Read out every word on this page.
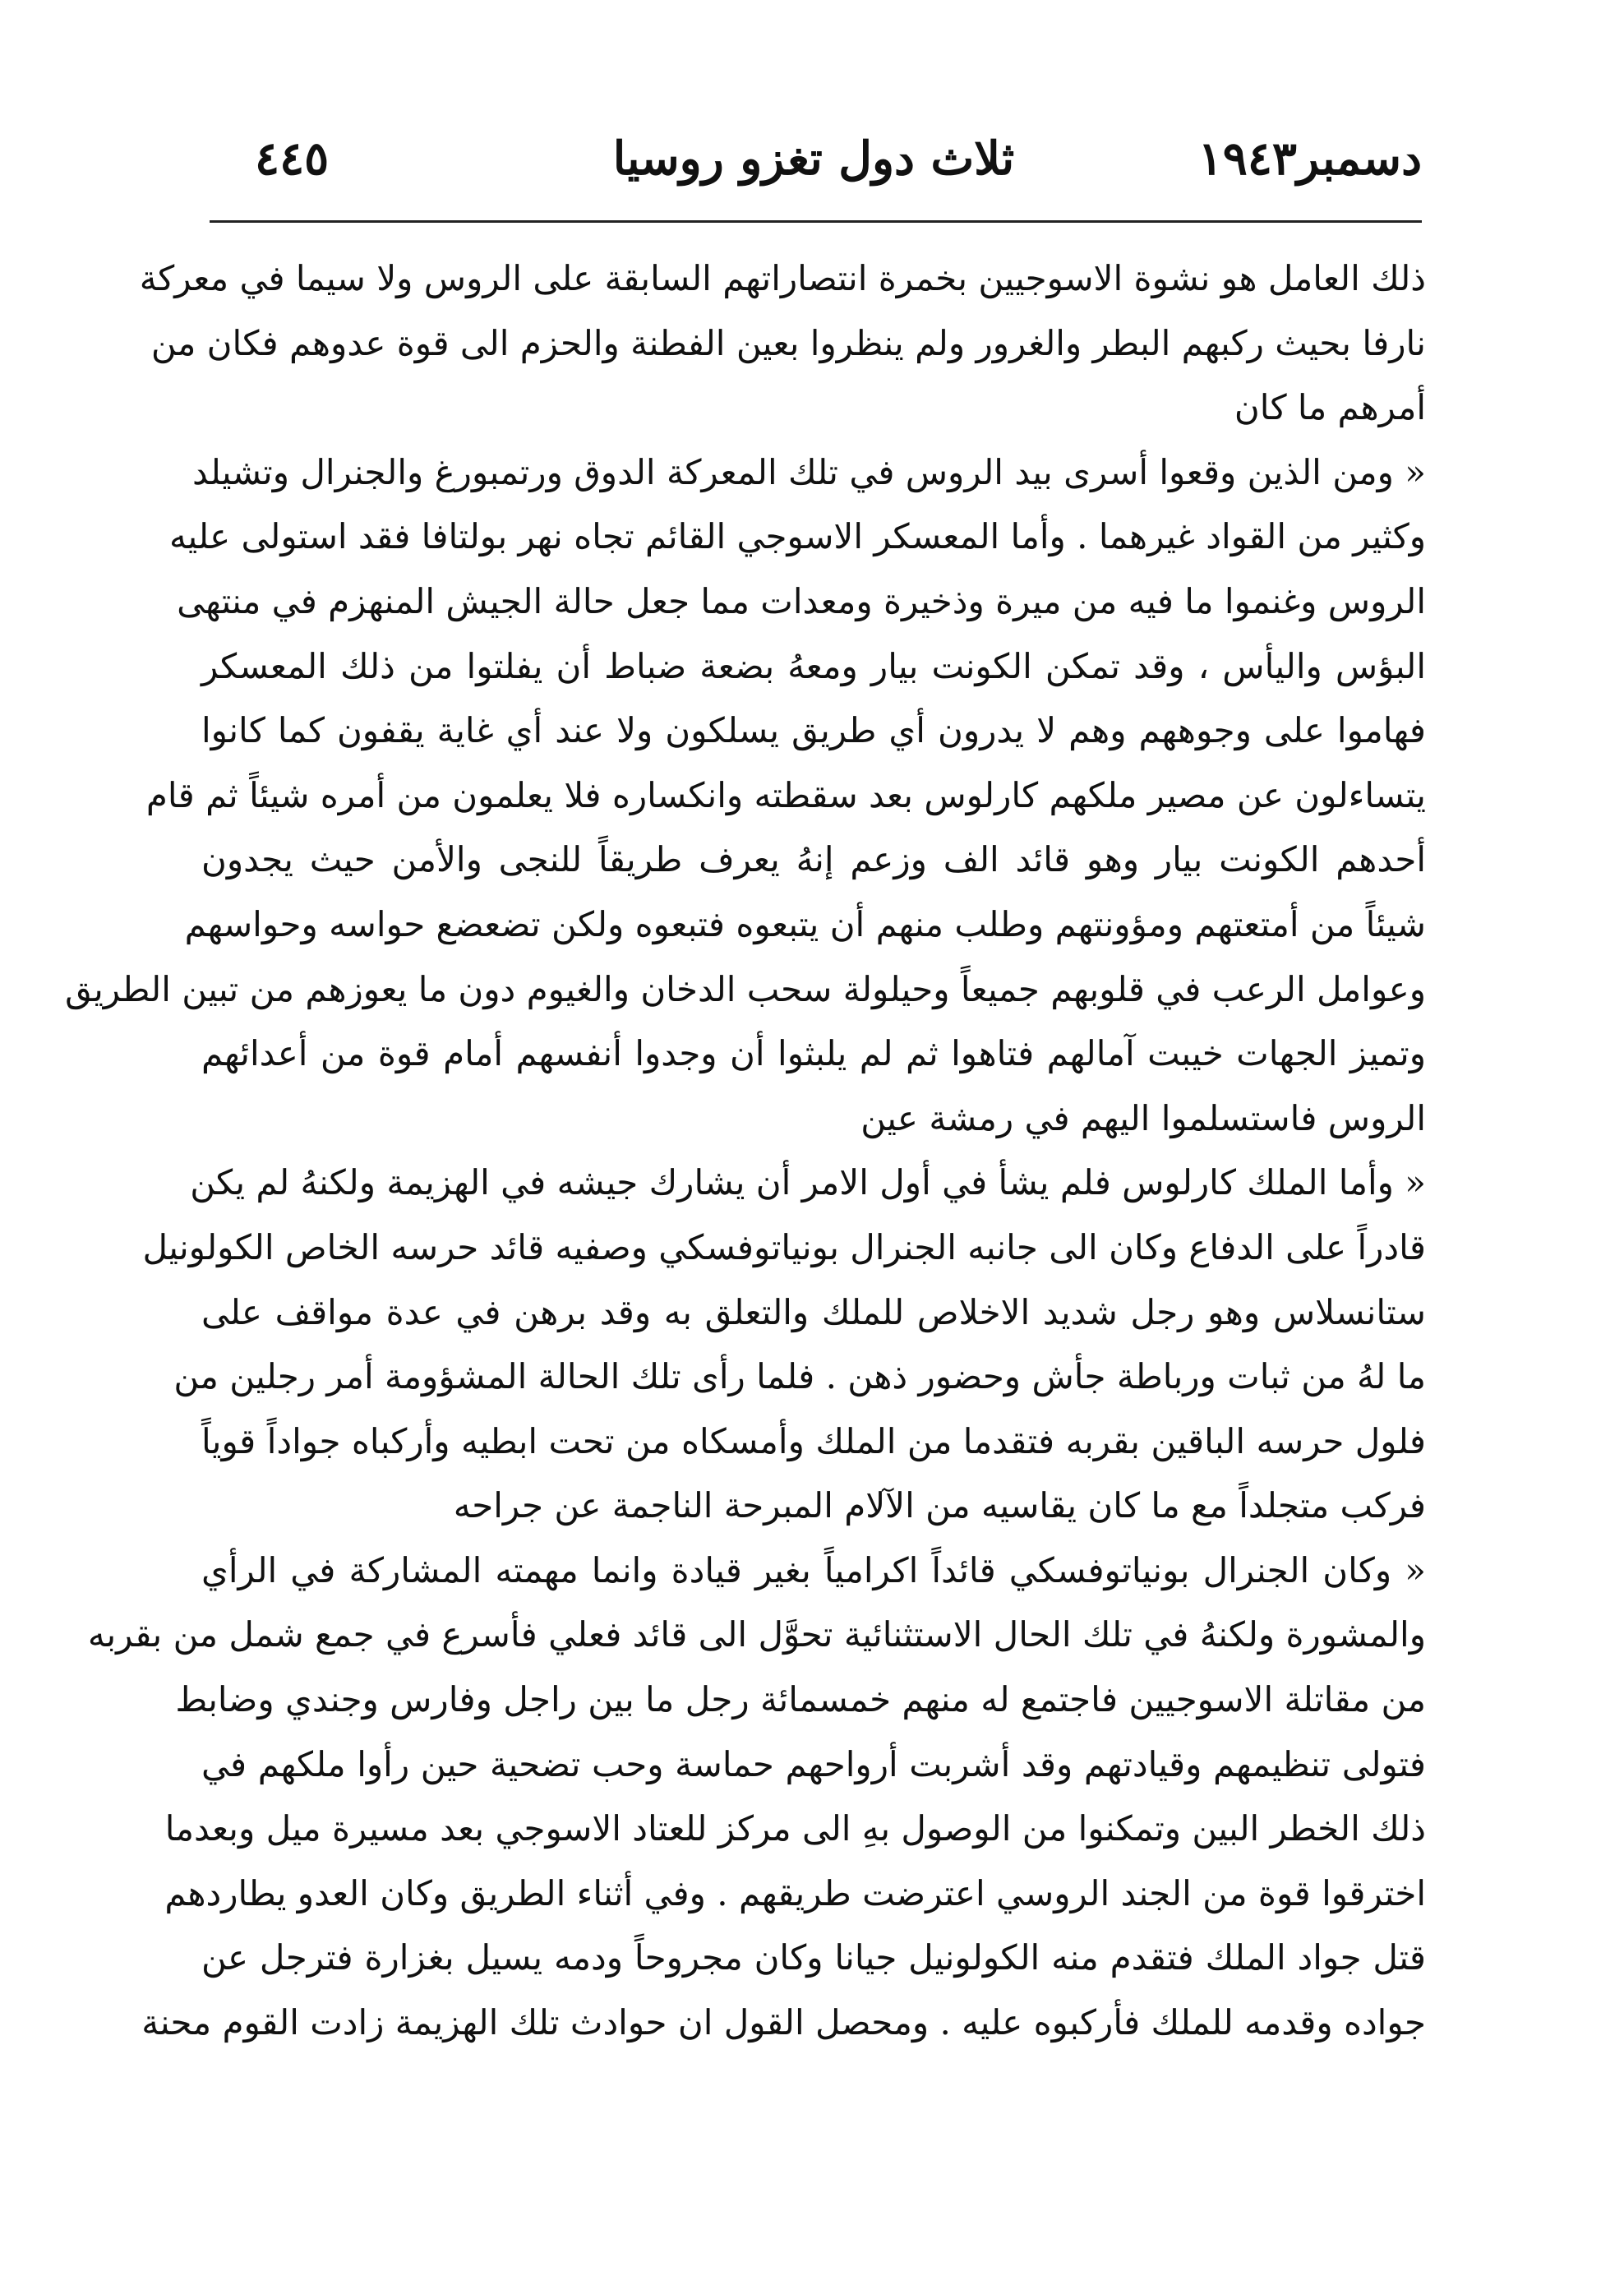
دسمبر١٩٤٣
ثلاث دول تغزو روسيا
٤٤٥
ذلك العامل هو نشوة الاسوجيين بخمرة انتصاراتهم السابقة على الروس ولا سيما في معركة
نارفا بحيث ركبهم البطر والغرور ولم ينظروا بعين الفطنة والحزم الى قوة عدوهم فكان من
أمرهم ما كان
« ومن الذين وقعوا أسرى بيد الروس في تلك المعركة الدوق ورتمبورغ والجنرال وتشيلد
وكثير من القواد غيرهما . وأما المعسكر الاسوجي القائم تجاه نهر بولتافا فقد استولى عليه
الروس وغنموا ما فيه من ميرة وذخيرة ومعدات مما جعل حالة الجيش المنهزم في منتهى
البؤس واليأس ، وقد تمكن الكونت بيار ومعهُ بضعة ضباط أن يفلتوا من ذلك المعسكر
فهاموا على وجوههم وهم لا يدرون أي طريق يسلكون ولا عند أي غاية يقفون كما كانوا
يتساءلون عن مصير ملكهم كارلوس بعد سقطته وانكساره فلا يعلمون من أمره شيئاً ثم قام
أحدهم الكونت بيار وهو قائد الف وزعم إنهُ يعرف طريقاً للنجى والأمن حيث يجدون
شيئاً من أمتعتهم ومؤونتهم وطلب منهم أن يتبعوه فتبعوه ولكن تضعضع حواسه وحواسهم
وعوامل الرعب في قلوبهم جميعاً وحيلولة سحب الدخان والغيوم دون ما يعوزهم من تبين الطريق
وتميز الجهات خيبت آمالهم فتاهوا ثم لم يلبثوا أن وجدوا أنفسهم أمام قوة من أعدائهم
الروس فاستسلموا اليهم في رمشة عين
« وأما الملك كارلوس فلم يشأ في أول الامر أن يشارك جيشه في الهزيمة ولكنهُ لم يكن
قادراً على الدفاع وكان الى جانبه الجنرال بونياتوفسكي وصفيه قائد حرسه الخاص الكولونيل
ستانسلاس وهو رجل شديد الاخلاص للملك والتعلق به وقد برهن في عدة مواقف على
ما لهُ من ثبات ورباطة جأش وحضور ذهن . فلما رأى تلك الحالة المشؤومة أمر رجلين من
فلول حرسه الباقين بقربه فتقدما من الملك وأمسكاه من تحت ابطيه وأركباه جواداً قوياً
فركب متجلداً مع ما كان يقاسيه من الآلام المبرحة الناجمة عن جراحه
« وكان الجنرال بونياتوفسكي قائداً اكرامياً بغير قيادة وانما مهمته المشاركة في الرأي
والمشورة ولكنهُ في تلك الحال الاستثنائية تحوَّل الى قائد فعلي فأسرع في جمع شمل من بقربه
من مقاتلة الاسوجيين فاجتمع له منهم خمسمائة رجل ما بين راجل وفارس وجندي وضابط
فتولى تنظيمهم وقيادتهم وقد أشربت أرواحهم حماسة وحب تضحية حين رأوا ملكهم في
ذلك الخطر البين وتمكنوا من الوصول بهِ الى مركز للعتاد الاسوجي بعد مسيرة ميل وبعدما
اخترقوا قوة من الجند الروسي اعترضت طريقهم . وفي أثناء الطريق وكان العدو يطاردهم
قتل جواد الملك فتقدم منه الكولونيل جيانا وكان مجروحاً ودمه يسيل بغزارة فترجل عن
جواده وقدمه للملك فأركبوه عليه . ومحصل القول ان حوادث تلك الهزيمة زادت القوم محنة
